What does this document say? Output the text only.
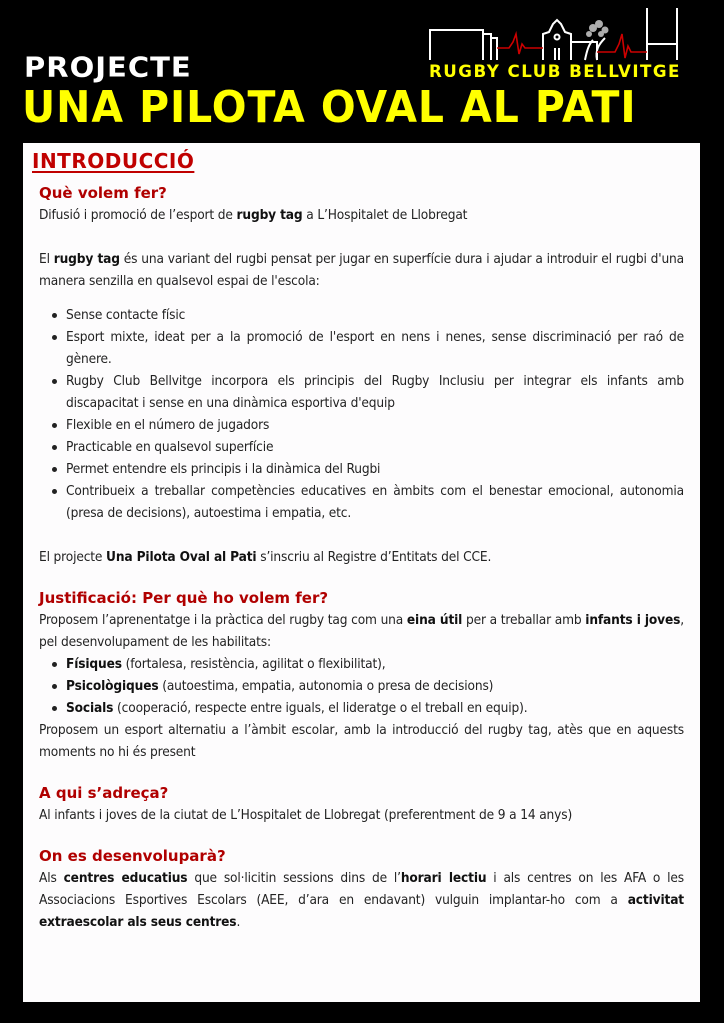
PROJECTE
UNA PILOTA OVAL AL PATI
RUGBY CLUB BELLVITGE
INTRODUCCIÓ
Què volem fer?

Difusió i promoció de l’esport de rugby tag a L’Hospitalet de Llobregat

El rugby tag és una variant del rugbi pensat per jugar en superfície dura i ajudar a introduir el rugbi d'una manera senzilla en qualsevol espai de l'escola:

Sense contacte físic
Esport mixte, ideat per a la promoció de l'esport en nens i nenes, sense discriminació per raó de gènere.
Rugby Club Bellvitge incorpora els principis del Rugby Inclusiu per integrar els infants amb discapacitat i sense en una dinàmica esportiva d'equip
Flexible en el número de jugadors
Practicable en qualsevol superfície
Permet entendre els principis i la dinàmica del Rugbi
Contribueix a treballar competències educatives en àmbits com el benestar emocional, autonomia (presa de decisions), autoestima i empatia, etc.

El projecte Una Pilota Oval al Pati s’inscriu al Registre d’Entitats del CCE.

Justificació: Per què ho volem fer?

Proposem l’aprenentatge i la pràctica del rugby tag com una eina útil per a treballar amb infants i joves, pel desenvolupament de les habilitats:

Físiques (fortalesa, resistència, agilitat o flexibilitat),
Psicològiques (autoestima, empatia, autonomia o presa de decisions)
Socials (cooperació, respecte entre iguals, el lideratge o el treball en equip).

Proposem un esport alternatiu a l’àmbit escolar, amb la introducció del rugby tag, atès que en aquests moments no hi és present

A qui s’adreça?

Al infants i joves de la ciutat de L’Hospitalet de Llobregat (preferentment de 9 a 14 anys)

On es desenvoluparà?

Als centres educatius que sol·licitin sessions dins de l’horari lectiu i als centres on les AFA o les Associacions Esportives Escolars (AEE, d’ara en endavant) vulguin implantar-ho com a activitat extraescolar als seus centres.
